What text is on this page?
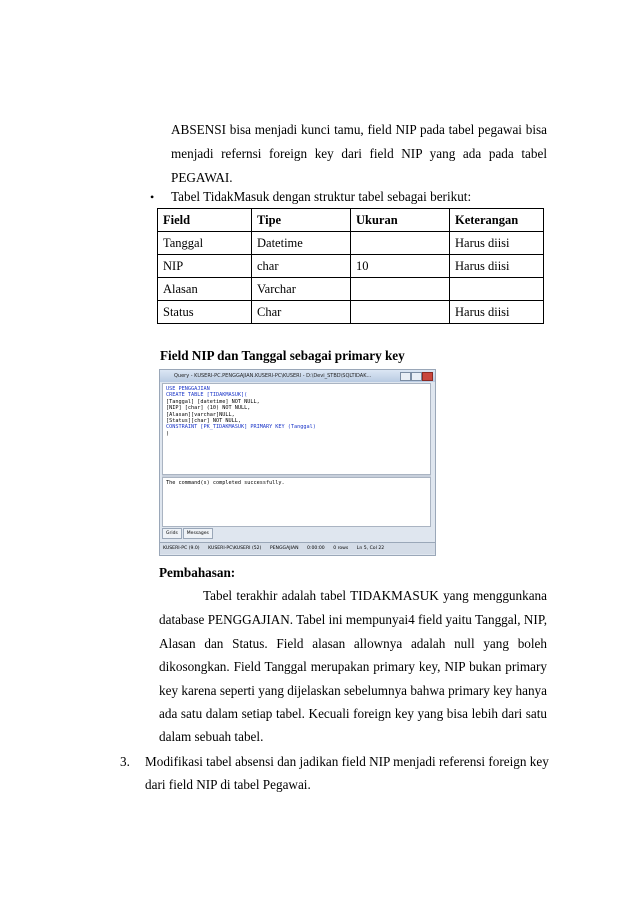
ABSENSI bisa menjadi kunci tamu, field NIP pada tabel pegawai bisa
menjadi refernsi foreign key dari field NIP yang ada pada tabel
PEGAWAI.
• Tabel TidakMasuk dengan struktur tabel sebagai berikut:
Field	Tipe	Ukuran	Keterangan
Tanggal	Datetime		Harus diisi
NIP	char	10	Harus diisi
Alasan	Varchar		
Status	Char		Harus diisi
Field NIP dan Tanggal sebagai primary key
Query - KUSERI-PC.PENGGAJIAN.KUSERI-PC\KUSERI - D:\Devi_STBD\SQLTIDAK...
USE PENGGAJIAN
CREATE TABLE [TIDAKMASUK](
[Tanggal] [datetime] NOT NULL,
[NIP] [char] (10) NOT NULL,
[Alasan][varchar]NULL,
[Status][char] NOT NULL,
CONSTRAINT [PK_TIDAKMASUK] PRIMARY KEY (Tanggal)
)
The command(s) completed successfully.
Grids Messages
KUSERI-PC (9.0) KUSERI-PC\KUSERI (52) PENGGAJIAN 0:00:00 0 rows Ln 5, Col 22
Pembahasan:
Tabel terakhir adalah tabel TIDAKMASUK yang menggunkana
database PENGGAJIAN. Tabel ini mempunyai4 field yaitu Tanggal, NIP,
Alasan dan Status. Field alasan allownya adalah null yang boleh
dikosongkan. Field Tanggal merupakan primary key, NIP bukan primary
key karena seperti yang dijelaskan sebelumnya bahwa primary key hanya
ada satu dalam setiap tabel. Kecuali foreign key yang bisa lebih dari satu
dalam sebuah tabel.
3. Modifikasi tabel absensi dan jadikan field NIP menjadi referensi foreign key
dari field NIP di tabel Pegawai.
